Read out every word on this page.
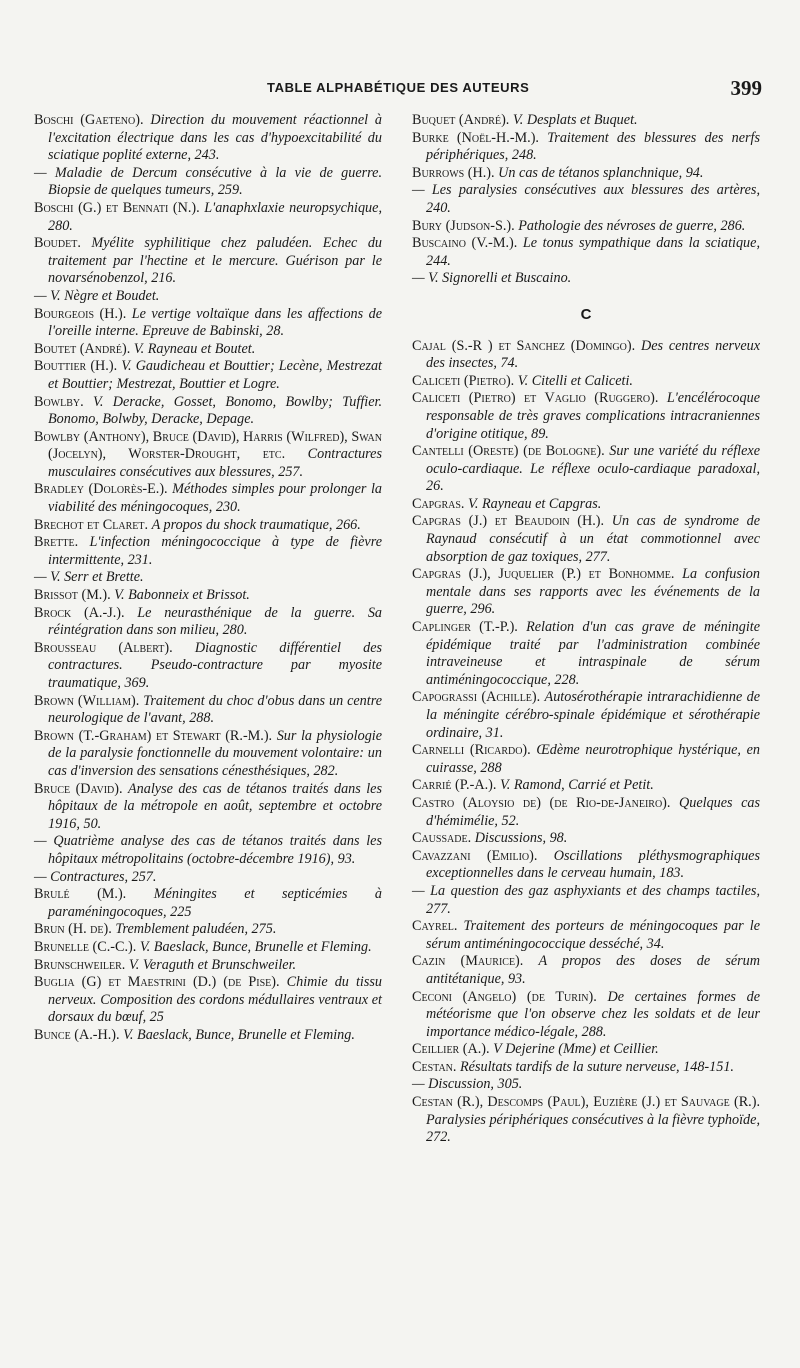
TABLE ALPHABÉTIQUE DES AUTEURS	399

Boschi (Gaeteno). Direction du mouvement réactionnel à l'excitation électrique dans les cas d'hypoexcitabilité du sciatique poplité externe, 243.

— Maladie de Dercum consécutive à la vie de guerre. Biopsie de quelques tumeurs, 259.

Boschi (G.) et Bennati (N.). L'anaphxlaxie neuropsychique, 280.

Boudet. Myélite syphilitique chez paludéen. Echec du traitement par l'hectine et le mercure. Guérison par le novarsénobenzol, 216.

— V. Nègre et Boudet.

Bourgeois (H.). Le vertige voltaïque dans les affections de l'oreille interne. Epreuve de Babinski, 28.

Boutet (André). V. Rayneau et Boutet.

Bouttier (H.). V. Gaudicheau et Bouttier; Lecène, Mestrezat et Bouttier; Mestrezat, Bouttier et Logre.

Bowlby. V. Deracke, Gosset, Bonomo, Bowlby; Tuffier. Bonomo, Bolwby, Deracke, Depage.

Bowlby (Anthony), Bruce (David), Harris (Wilfred), Swan (Jocelyn), Worster-Drought, etc. Contractures musculaires consécutives aux blessures, 257.

Bradley (Dolorès-E.). Méthodes simples pour prolonger la viabilité des méningocoques, 230.

Brechot et Claret. A propos du shock traumatique, 266.

Brette. L'infection méningococcique à type de fièvre intermittente, 231.

— V. Serr et Brette.

Brissot (M.). V. Babonneix et Brissot.

Brock (A.-J.). Le neurasthénique de la guerre. Sa réintégration dans son milieu, 280.

Brousseau (Albert). Diagnostic différentiel des contractures. Pseudo-contracture par myosite traumatique, 369.

Brown (William). Traitement du choc d'obus dans un centre neurologique de l'avant, 288.

Brown (T.-Graham) et Stewart (R.-M.). Sur la physiologie de la paralysie fonctionnelle du mouvement volontaire: un cas d'inversion des sensations cénesthésiques, 282.

Bruce (David). Analyse des cas de tétanos traités dans les hôpitaux de la métropole en août, septembre et octobre 1916, 50.

— Quatrième analyse des cas de tétanos traités dans les hôpitaux métropolitains (octobre-décembre 1916), 93.

— Contractures, 257.

Brulé (M.). Méningites et septicémies à paraméningocoques, 225

Brun (H. de). Tremblement paludéen, 275.

Brunelle (C.-C.). V. Baeslack, Bunce, Brunelle et Fleming.

Brunschweiler. V. Veraguth et Brunschweiler.

Buglia (G) et Maestrini (D.) (de Pise). Chimie du tissu nerveux. Composition des cordons médullaires ventraux et dorsaux du bœuf, 25

Bunce (A.-H.). V. Baeslack, Bunce, Brunelle et Fleming.

Buquet (André). V. Desplats et Buquet.

Burke (Noël-H.-M.). Traitement des blessures des nerfs périphériques, 248.

Burrows (H.). Un cas de tétanos splanchnique, 94.

— Les paralysies consécutives aux blessures des artères, 240.

Bury (Judson-S.). Pathologie des névroses de guerre, 286.

Buscaino (V.-M.). Le tonus sympathique dans la sciatique, 244.

— V. Signorelli et Buscaino.

C

Cajal (S.-R ) et Sanchez (Domingo). Des centres nerveux des insectes, 74.

Caliceti (Pietro). V. Citelli et Caliceti.

Caliceti (Pietro) et Vaglio (Ruggero). L'encélérocoque responsable de très graves complications intracraniennes d'origine otitique, 89.

Cantelli (Oreste) (de Bologne). Sur une variété du réflexe oculo-cardiaque. Le réflexe oculo-cardiaque paradoxal, 26.

Capgras. V. Rayneau et Capgras.

Capgras (J.) et Beaudoin (H.). Un cas de syndrome de Raynaud consécutif à un état commotionnel avec absorption de gaz toxiques, 277.

Capgras (J.), Juquelier (P.) et Bonhomme. La confusion mentale dans ses rapports avec les événements de la guerre, 296.

Caplinger (T.-P.). Relation d'un cas grave de méningite épidémique traité par l'administration combinée intraveineuse et intraspinale de sérum antiméningococcique, 228.

Capograssi (Achille). Autosérothérapie intrarachidienne de la méningite cérébro-spinale épidémique et sérothérapie ordinaire, 31.

Carnelli (Ricardo). Œdème neurotrophique hystérique, en cuirasse, 288

Carrié (P.-A.). V. Ramond, Carrié et Petit.

Castro (Aloysio de) (de Rio-de-Janeiro). Quelques cas d'hémimélie, 52.

Caussade. Discussions, 98.

Cavazzani (Emilio). Oscillations pléthysmographiques exceptionnelles dans le cerveau humain, 183.

— La question des gaz asphyxiants et des champs tactiles, 277.

Cayrel. Traitement des porteurs de méningocoques par le sérum antiméningococcique desséché, 34.

Cazin (Maurice). A propos des doses de sérum antitétanique, 93.

Ceconi (Angelo) (de Turin). De certaines formes de météorisme que l'on observe chez les soldats et de leur importance médico-légale, 288.

Ceillier (A.). V Dejerine (Mme) et Ceillier.

Cestan. Résultats tardifs de la suture nerveuse, 148-151.

— Discussion, 305.

Cestan (R.), Descomps (Paul), Euzière (J.) et Sauvage (R.). Paralysies périphériques consécutives à la fièvre typhoïde, 272.
